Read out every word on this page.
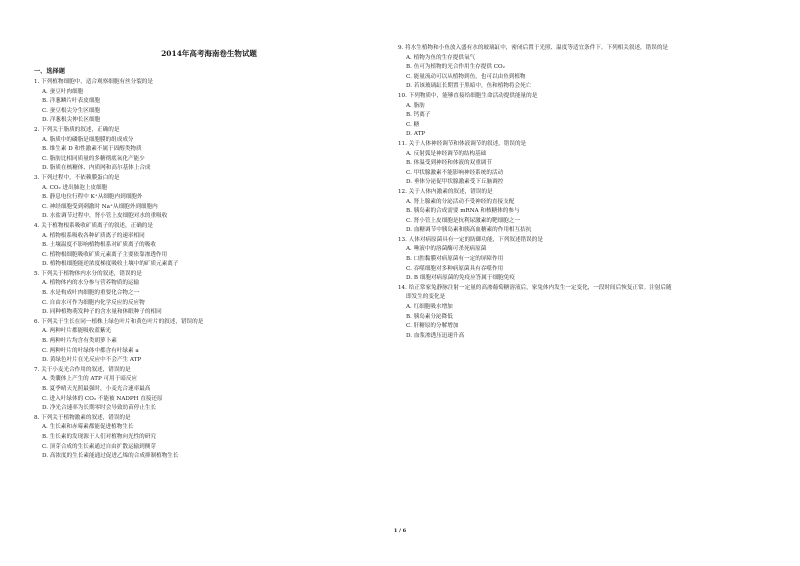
2014年高考海南卷生物试题
一、选择题
1. 下列植物细胞中，适合观察细胞有丝分裂的是
A. 蚕豆叶肉细胞
B. 洋葱鳞片叶表皮细胞
C. 蚕豆根尖分生区细胞
D. 洋葱根尖伸长区细胞
2. 下列关于脂质的叙述，正确的是
A. 脂质中的磷脂是细胞膜的组成成分
B. 维生素 D 和性激素不属于固醇类物质
C. 脂肪比相同质量的多糖彻底氧化产能少
D. 脂质在核糖体、内质网和高尔基体上合成
3. 下列过程中，不依赖膜蛋白的是
A. CO₂ 进出肺泡上皮细胞
B. 静息电位行程中 K⁺从细胞内到细胞外
C. 神经细胞受到刺激时 Na⁺从细胞外到细胞内
D. 水盐调节过程中，肾小管上皮细胞对水的重吸收
4. 关于植物根系吸收矿质离子的叙述，正确的是
A. 植物根系吸收各种矿质离子的速率相同
B. 土壤温度不影响植物根系对矿质离子的吸收
C. 植物根细胞吸收矿质元素离子主要依靠渗透作用
D. 植物根细胞能逆浓度梯度吸收土壤中的矿质元素离子
5. 下列关于植物体内水分的叙述，错误的是
A. 植物体内的水分参与营养物质的运输
B. 水是构成叶肉细胞的重要化合物之一
C. 自由水可作为细胞内化学反应的反应物
D. 同种植物萌发种子的含水量和休眠种子的相同
6. 下列关于生长在同一植株上绿色叶片和黄色叶片的叙述，错误的是
A. 两种叶片都能吸收蓝紫光
B. 两种叶片均含有类胡萝卜素
C. 两种叶片的叶绿体中都含有叶绿素 a
D. 黄绿色叶片在光反应中不会产生 ATP
7. 关于小麦光合作用的叙述，错误的是
A. 类囊体上产生的 ATP 可用于暗反应
B. 夏季晴天光照最强时，小麦光合速率最高
C. 进入叶绿体的 CO₂ 不能被 NADPH 直接还原
D. 净光合速率为长期零时会导致幼苗停止生长
8. 下列关于植物激素的叙述，错误的是
A. 生长素和赤霉素都能促进植物生长
B. 生长素的发现源于人们对植物向光性的研究
C. 顶芽合成的生长素通过自由扩散运输到侧芽
D. 高浓度的生长素能通过促进乙烯的合成抑制植物生长
9. 将水生植物和小鱼放入盛有水的玻璃缸中，密闭后置于光照、温度等适宜条件下。下列相关叙述，错误的是
A. 植物为鱼的生存提供氧气
B. 鱼可为植物的光合作用生存提供 CO₂
C. 能量流动可以从植物到鱼，也可以由鱼到植物
D. 若该玻璃缸长期置于黑暗中，鱼和植物将会死亡
10. 下列物质中，能够直接给细胞生命活动提供能量的是
A. 脂肪
B. 钙离子
C. 糖
D. ATP
11. 关于人体神经调节和体液调节的叙述，错误的是
A. 反射弧是神经调节的结构基础
B. 体温受到神经和体液的双重调节
C. 甲状腺激素不能影响神经系统的活动
D. 垂体分泌促甲状腺激素受下丘脑调控
12. 关于人体内激素的叙述，错误的是
A. 肾上腺素的分泌活动不受神经的直接支配
B. 胰岛素的合成需要 mRNA 和核糖体的参与
C. 肾小管上皮细胞是抗利尿激素的靶细胞之一
D. 血糖调节中胰岛素和胰高血糖素的作用相互拮抗
13. 人体对病原菌具有一定的防御功能，下列叙述错误的是
A. 唾液中的溶菌酶可杀死病原菌
B. 口腔黏膜对病原菌有一定的屏障作用
C. 吞噬细胞对多种病原菌具有吞噬作用
D. B 细胞对病原菌的免疫应答属于细胞免疫
14. 给正常家兔静脉注射一定量的高渗葡萄糖溶液后，家兔体内发生一定变化，一段时间后恢复正常。注射后随
即发生的变化是
A. 红细胞吸水增加
B. 胰岛素分泌降低
C. 肝糖原的分解增加
D. 血浆渗透压迅速升高
1 / 6
